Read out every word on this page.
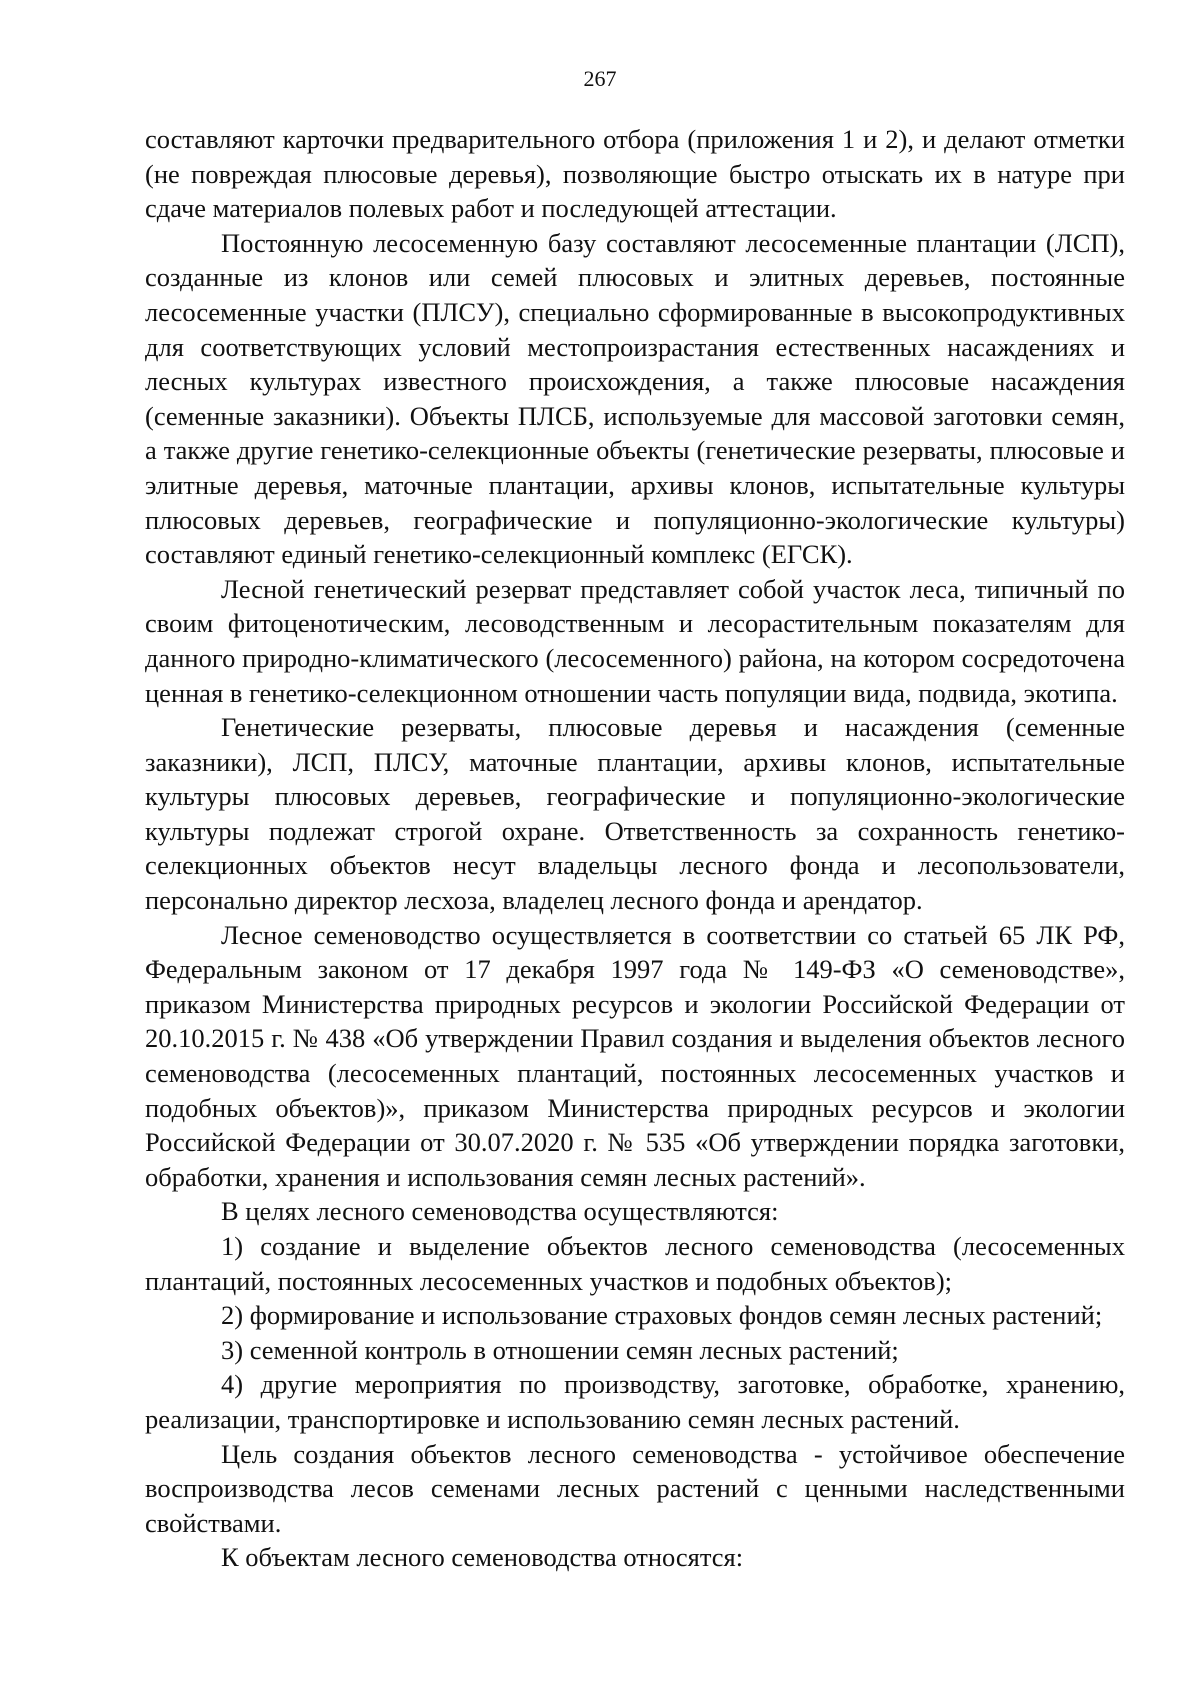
267

составляют карточки предварительного отбора (приложения 1 и 2), и делают отметки (не повреждая плюсовые деревья), позволяющие быстро отыскать их в натуре при сдаче материалов полевых работ и последующей аттестации.

Постоянную лесосеменную базу составляют лесосеменные плантации (ЛСП), созданные из клонов или семей плюсовых и элитных деревьев, постоянные лесосеменные участки (ПЛСУ), специально сформированные в высокопродуктивных для соответствующих условий местопроизрастания естественных насаждениях и лесных культурах известного происхождения, а также плюсовые насаждения (семенные заказники). Объекты ПЛСБ, используемые для массовой заготовки семян, а также другие генетико-селекционные объекты (генетические резерваты, плюсовые и элитные деревья, маточные плантации, архивы клонов, испытательные культуры плюсовых деревьев, географические и популяционно-экологические культуры) составляют единый генетико-селекционный комплекс (ЕГСК).

Лесной генетический резерват представляет собой участок леса, типичный по своим фитоценотическим, лесоводственным и лесорастительным показателям для данного природно-климатического (лесосеменного) района, на котором сосредоточена ценная в генетико-селекционном отношении часть популяции вида, подвида, экотипа.

Генетические резерваты, плюсовые деревья и насаждения (семенные заказники), ЛСП, ПЛСУ, маточные плантации, архивы клонов, испытательные культуры плюсовых деревьев, географические и популяционно-экологические культуры подлежат строгой охране. Ответственность за сохранность генетико-селекционных объектов несут владельцы лесного фонда и лесопользователи, персонально директор лесхоза, владелец лесного фонда и арендатор.

Лесное семеноводство осуществляется в соответствии со статьей 65 ЛК РФ, Федеральным законом от 17 декабря 1997 года № 149-ФЗ «О семеноводстве», приказом Министерства природных ресурсов и экологии Российской Федерации от 20.10.2015 г. № 438 «Об утверждении Правил создания и выделения объектов лесного семеноводства (лесосеменных плантаций, постоянных лесосеменных участков и подобных объектов)», приказом Министерства природных ресурсов и экологии Российской Федерации от 30.07.2020 г. № 535 «Об утверждении порядка заготовки, обработки, хранения и использования семян лесных растений».

В целях лесного семеноводства осуществляются:

1) создание и выделение объектов лесного семеноводства (лесосеменных плантаций, постоянных лесосеменных участков и подобных объектов);

2) формирование и использование страховых фондов семян лесных растений;

3) семенной контроль в отношении семян лесных растений;

4) другие мероприятия по производству, заготовке, обработке, хранению, реализации, транспортировке и использованию семян лесных растений.

Цель создания объектов лесного семеноводства - устойчивое обеспечение воспроизводства лесов семенами лесных растений с ценными наследственными свойствами.

К объектам лесного семеноводства относятся:
